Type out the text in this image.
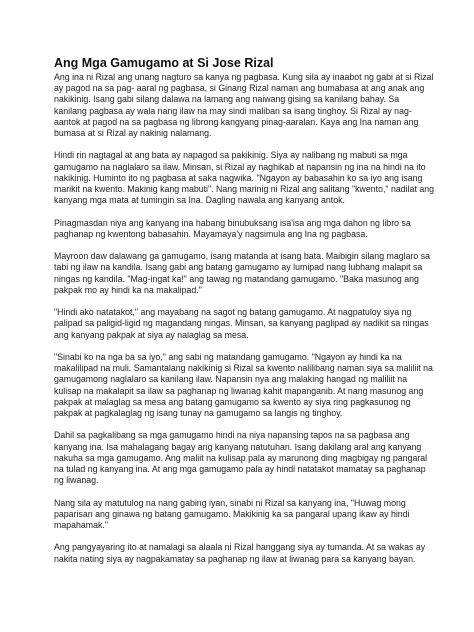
Ang Mga Gamugamo at Si Jose Rizal

Ang ina ni Rizal ang unang nagturo sa kanya ng pagbasa. Kung sila ay inaabot ng gabi at si Rizal ay pagod na sa pag- aaral ng pagbasa, si Ginang Rizal naman ang bumabasa at ang anak ang nakikinig. Isang gabi silang dalawa na lamang ang naiwang gising sa kanilang bahay. Sa kanilang pagbasa ay wala nang ilaw na may sindi maliban sa isang tinghoy. Si Rizal ay nag-aantok at pagod na sa pagbasa ng librong kangyang pinag-aaralan. Kaya ang Ina naman ang bumasa at si Rizal ay nakinig nalamang.

Hindi rin nagtagal at ang bata ay napagod sa pakikinig. Siya ay nalibang ng mabuti sa mga gamugamo na naglalaro sa ilaw. Minsan, si Rizal ay naghikab at napansin ng ina na hindi na ito nakikinig. Huminto ito ng pagbasa at saka nagwika. "Ngayon ay babasahin ko sa iyo ang isang marikit na kwento. Makinig kang mabuti". Nang marinig ni Rizal ang salitang "kwento," nadilat ang kanyang mga mata at tumingin sa Ina. Dagling nawala ang kanyang antok.

Pinagmasdan niya ang kanyang ina habang binubuksang isa'isa ang mga dahon ng libro sa paghanap ng kwentong babasahin. Mayamaya'y nagsimula ang Ina ng pagbasa.

Mayroon daw dalawang ga gamugamo, isang matanda at isang bata. Maibigin silang maglaro sa tabi ng ilaw na kandila. Isang gabi ang batang gamugamo ay lumipad nang lubhang malapit sa ningas ng kandila. "Mag-ingat ka!" ang tawag ng matandang gamugamo. "Baka masunog ang pakpak mo ay hindi ka na makalipad."

"Hindi ako natatakot," ang mayabang na sagot ng batang gamugamo. At nagpatuloy siya ng palipad sa paligid-ligid ng magandang ningas. Minsan, sa kanyang paglipad ay nadikit sa ningas ang kanyang pakpak at siya ay nalaglag sa mesa.

"Sinabi ko na nga ba sa iyo," ang sabi ng matandang gamugamo. "Ngayon ay hindi ka na makalilipad na muli. Samantalang nakikinig si Rizal sa kwento nalilibang naman siya sa maliliit na gamugamong naglalaro sa kanilang ilaw. Napansin nya ang malaking hangad ng maliliit na kulisap na makalapit sa ilaw sa paghanap ng liwanag kahit mapanganib. At nang masunog ang pakpak at malaglag sa mesa ang batang gamugamo sa kwento ay siya ring pagkasunog ng pakpak at pagkalaglag ng isang tunay na gamugamo sa langis ng tinghoy.

Dahil sa pagkalibang sa mga gamugamo hindi na niya napansing tapos na sa pagbasa ang kanyang ina. Isa mahalagang bagay ang kanyang natutuhan. Isang dakilang aral ang kanyang nakuha sa mga gamugamo. Ang maliit na kulisap pala ay marunong ding magbigay ng pangaral na tulad ng kanyang ina. At ang mga gamugamo pala ay hindi natatakot mamatay sa paghanap ng liwanag.

Nang sila ay matutulog na nang gabing iyan, sinabi ni Rizal sa kanyang ina, "Huwag mong paparisan ang ginawa ng batang gamugamo. Makikinig ka sa pangaral upang ikaw ay hindi mapahamak."

Ang pangyayaring ito at namalagi sa alaala ni Rizal hanggang siya ay tumanda. At sa wakas ay nakita nating siya ay nagpakamatay sa paghanap ng ilaw at liwanag para sa kanyang bayan.
